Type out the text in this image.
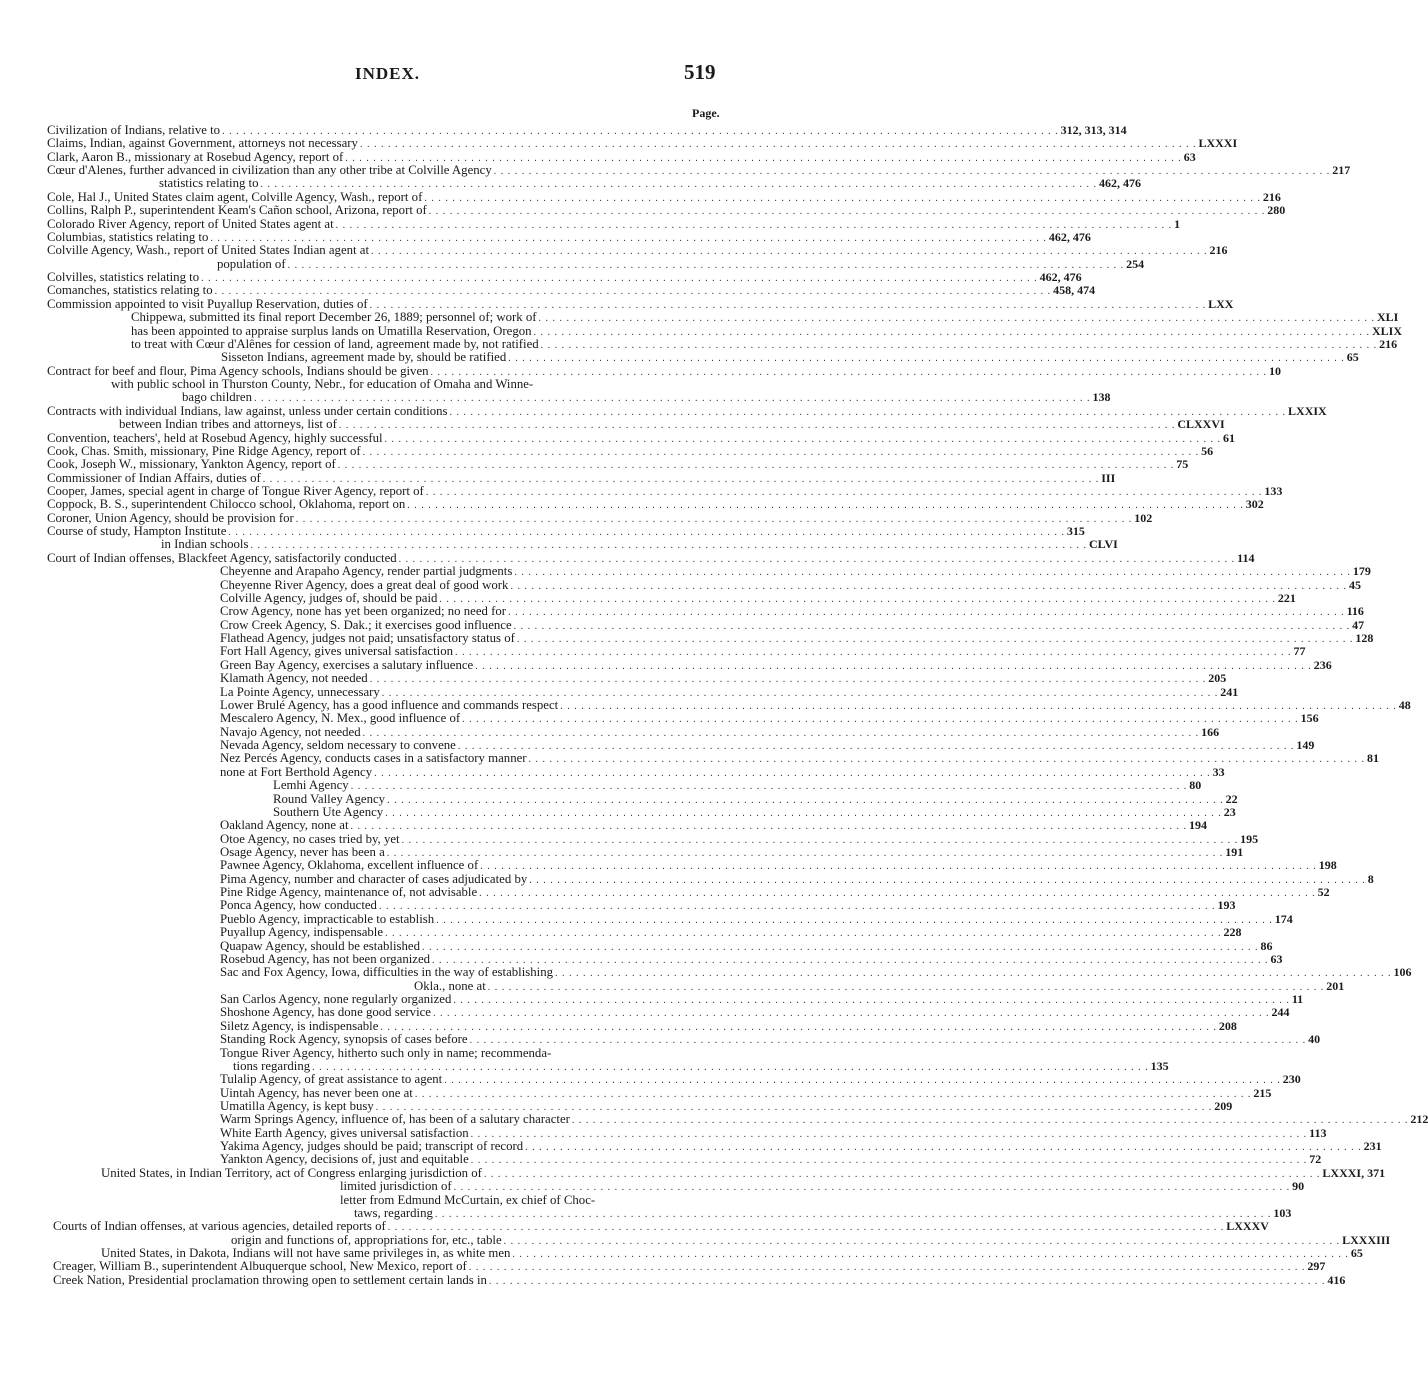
INDEX.	519
Page.
Civilization of Indians, relative to . . . . . . . . . . . . . . . . . . . . . . . . . . . . . . . . . . . . . . . . . . . . . . . . . . . . . . . . . . . . . . . . . . . . . . . . . . . . . . . . . . . . . . . . . . . . . . . . . . . . . . . . . . . . . . . . . . . . . . . . 312, 313, 314
Claims, Indian, against Government, attorneys not necessary . . . . . . . . . . . . . . . . . . . . . . . . . . . . . . . . . . . . . . . . . . . . . . . . . . . . . . . . . . . . . . . . . . . . . . . . . . . . . . . . . . . . . . . . . . . . . . . . . . . . . . . . . . . . . . . . . . . . . . . . LXXXI
Clark, Aaron B., missionary at Rosebud Agency, report of . . . . . . . . . . . . . . . . . . . . . . . . . . . . . . . . . . . . . . . . . . . . . . . . . . . . . . . . . . . . . . . . . . . . . . . . . . . . . . . . . . . . . . . . . . . . . . . . . . . . . . . . . . . . . . . . . . . . . . . . 63
Cœur d'Alenes, further advanced in civilization than any other tribe at Colville Agency . . . . . . . . . . . . . . . . . . . . . . . . . . . . . . . . . . . . . . . . . . . . . . . . . . . . . . . . . . . . . . . . . . . . . . . . . . . . . . . . . . . . . . . . . . . . . . . . . . . . . . . . . . . . . . . . . . . . . . . . 217
statistics relating to . . . . . . . . . . . . . . . . . . . . . . . . . . . . . . . . . . . . . . . . . . . . . . . . . . . . . . . . . . . . . . . . . . . . . . . . . . . . . . . . . . . . . . . . . . . . . . . . . . . . . . . . . . . . . . . . . . . . . . . . 462, 476
Cole, Hal J., United States claim agent, Colville Agency, Wash., report of . . . . . . . . . . . . . . . . . . . . . . . . . . . . . . . . . . . . . . . . . . . . . . . . . . . . . . . . . . . . . . . . . . . . . . . . . . . . . . . . . . . . . . . . . . . . . . . . . . . . . . . . . . . . . . . . . . . . . . . . 216
Collins, Ralph P., superintendent Keam's Cañon school, Arizona, report of . . . . . . . . . . . . . . . . . . . . . . . . . . . . . . . . . . . . . . . . . . . . . . . . . . . . . . . . . . . . . . . . . . . . . . . . . . . . . . . . . . . . . . . . . . . . . . . . . . . . . . . . . . . . . . . . . . . . . . . . 280
Colorado River Agency, report of United States agent at . . . . . . . . . . . . . . . . . . . . . . . . . . . . . . . . . . . . . . . . . . . . . . . . . . . . . . . . . . . . . . . . . . . . . . . . . . . . . . . . . . . . . . . . . . . . . . . . . . . . . . . . . . . . . . . . . . . . . . . . 1
Columbias, statistics relating to . . . . . . . . . . . . . . . . . . . . . . . . . . . . . . . . . . . . . . . . . . . . . . . . . . . . . . . . . . . . . . . . . . . . . . . . . . . . . . . . . . . . . . . . . . . . . . . . . . . . . . . . . . . . . . . . . . . . . . . . 462, 476
Colville Agency, Wash., report of United States Indian agent at . . . . . . . . . . . . . . . . . . . . . . . . . . . . . . . . . . . . . . . . . . . . . . . . . . . . . . . . . . . . . . . . . . . . . . . . . . . . . . . . . . . . . . . . . . . . . . . . . . . . . . . . . . . . . . . . . . . . . . . . 216
population of . . . . . . . . . . . . . . . . . . . . . . . . . . . . . . . . . . . . . . . . . . . . . . . . . . . . . . . . . . . . . . . . . . . . . . . . . . . . . . . . . . . . . . . . . . . . . . . . . . . . . . . . . . . . . . . . . . . . . . . . 254
Colvilles, statistics relating to . . . . . . . . . . . . . . . . . . . . . . . . . . . . . . . . . . . . . . . . . . . . . . . . . . . . . . . . . . . . . . . . . . . . . . . . . . . . . . . . . . . . . . . . . . . . . . . . . . . . . . . . . . . . . . . . . . . . . . . . 462, 476
Comanches, statistics relating to . . . . . . . . . . . . . . . . . . . . . . . . . . . . . . . . . . . . . . . . . . . . . . . . . . . . . . . . . . . . . . . . . . . . . . . . . . . . . . . . . . . . . . . . . . . . . . . . . . . . . . . . . . . . . . . . . . . . . . . . 458, 474
Commission appointed to visit Puyallup Reservation, duties of . . . . . . . . . . . . . . . . . . . . . . . . . . . . . . . . . . . . . . . . . . . . . . . . . . . . . . . . . . . . . . . . . . . . . . . . . . . . . . . . . . . . . . . . . . . . . . . . . . . . . . . . . . . . . . . . . . . . . . . . LXX
Chippewa, submitted its final report December 26, 1889; personnel of; work of . . . . . . . . . . . . . . . . . . . . . . . . . . . . . . . . . . . . . . . . . . . . . . . . . . . . . . . . . . . . . . . . . . . . . . . . . . . . . . . . . . . . . . . . . . . . . . . . . . . . . . . . . . . . . . . . . . . . . . . . XLI
has been appointed to appraise surplus lands on Umatilla Reservation, Oregon . . . . . . . . . . . . . . . . . . . . . . . . . . . . . . . . . . . . . . . . . . . . . . . . . . . . . . . . . . . . . . . . . . . . . . . . . . . . . . . . . . . . . . . . . . . . . . . . . . . . . . . . . . . . . . . . . . . . . . . . XLIX
to treat with Cœur d'Alênes for cession of land, agreement made by, not ratified . . . . . . . . . . . . . . . . . . . . . . . . . . . . . . . . . . . . . . . . . . . . . . . . . . . . . . . . . . . . . . . . . . . . . . . . . . . . . . . . . . . . . . . . . . . . . . . . . . . . . . . . . . . . . . . . . . . . . . . . 216
Sisseton Indians, agreement made by, should be ratified . . . . . . . . . . . . . . . . . . . . . . . . . . . . . . . . . . . . . . . . . . . . . . . . . . . . . . . . . . . . . . . . . . . . . . . . . . . . . . . . . . . . . . . . . . . . . . . . . . . . . . . . . . . . . . . . . . . . . . . . 65
Contract for beef and flour, Pima Agency schools, Indians should be given . . . . . . . . . . . . . . . . . . . . . . . . . . . . . . . . . . . . . . . . . . . . . . . . . . . . . . . . . . . . . . . . . . . . . . . . . . . . . . . . . . . . . . . . . . . . . . . . . . . . . . . . . . . . . . . . . . . . . . . . 10
with public school in Thurston County, Nebr., for education of Omaha and Winne-
bago children . . . . . . . . . . . . . . . . . . . . . . . . . . . . . . . . . . . . . . . . . . . . . . . . . . . . . . . . . . . . . . . . . . . . . . . . . . . . . . . . . . . . . . . . . . . . . . . . . . . . . . . . . . . . . . . . . . . . . . . . 138
Contracts with individual Indians, law against, unless under certain conditions . . . . . . . . . . . . . . . . . . . . . . . . . . . . . . . . . . . . . . . . . . . . . . . . . . . . . . . . . . . . . . . . . . . . . . . . . . . . . . . . . . . . . . . . . . . . . . . . . . . . . . . . . . . . . . . . . . . . . . . . LXXIX
between Indian tribes and attorneys, list of . . . . . . . . . . . . . . . . . . . . . . . . . . . . . . . . . . . . . . . . . . . . . . . . . . . . . . . . . . . . . . . . . . . . . . . . . . . . . . . . . . . . . . . . . . . . . . . . . . . . . . . . . . . . . . . . . . . . . . . . CLXXVI
Convention, teachers', held at Rosebud Agency, highly successful . . . . . . . . . . . . . . . . . . . . . . . . . . . . . . . . . . . . . . . . . . . . . . . . . . . . . . . . . . . . . . . . . . . . . . . . . . . . . . . . . . . . . . . . . . . . . . . . . . . . . . . . . . . . . . . . . . . . . . . . 61
Cook, Chas. Smith, missionary, Pine Ridge Agency, report of . . . . . . . . . . . . . . . . . . . . . . . . . . . . . . . . . . . . . . . . . . . . . . . . . . . . . . . . . . . . . . . . . . . . . . . . . . . . . . . . . . . . . . . . . . . . . . . . . . . . . . . . . . . . . . . . . . . . . . . . 56
Cook, Joseph W., missionary, Yankton Agency, report of . . . . . . . . . . . . . . . . . . . . . . . . . . . . . . . . . . . . . . . . . . . . . . . . . . . . . . . . . . . . . . . . . . . . . . . . . . . . . . . . . . . . . . . . . . . . . . . . . . . . . . . . . . . . . . . . . . . . . . . . 75
Commissioner of Indian Affairs, duties of . . . . . . . . . . . . . . . . . . . . . . . . . . . . . . . . . . . . . . . . . . . . . . . . . . . . . . . . . . . . . . . . . . . . . . . . . . . . . . . . . . . . . . . . . . . . . . . . . . . . . . . . . . . . . . . . . . . . . . . . III
Cooper, James, special agent in charge of Tongue River Agency, report of . . . . . . . . . . . . . . . . . . . . . . . . . . . . . . . . . . . . . . . . . . . . . . . . . . . . . . . . . . . . . . . . . . . . . . . . . . . . . . . . . . . . . . . . . . . . . . . . . . . . . . . . . . . . . . . . . . . . . . . . 133
Coppock, B. S., superintendent Chilocco school, Oklahoma, report on . . . . . . . . . . . . . . . . . . . . . . . . . . . . . . . . . . . . . . . . . . . . . . . . . . . . . . . . . . . . . . . . . . . . . . . . . . . . . . . . . . . . . . . . . . . . . . . . . . . . . . . . . . . . . . . . . . . . . . . . 302
Coroner, Union Agency, should be provision for . . . . . . . . . . . . . . . . . . . . . . . . . . . . . . . . . . . . . . . . . . . . . . . . . . . . . . . . . . . . . . . . . . . . . . . . . . . . . . . . . . . . . . . . . . . . . . . . . . . . . . . . . . . . . . . . . . . . . . . . 102
Course of study, Hampton Institute . . . . . . . . . . . . . . . . . . . . . . . . . . . . . . . . . . . . . . . . . . . . . . . . . . . . . . . . . . . . . . . . . . . . . . . . . . . . . . . . . . . . . . . . . . . . . . . . . . . . . . . . . . . . . . . . . . . . . . . . 315
in Indian schools . . . . . . . . . . . . . . . . . . . . . . . . . . . . . . . . . . . . . . . . . . . . . . . . . . . . . . . . . . . . . . . . . . . . . . . . . . . . . . . . . . . . . . . . . . . . . . . . . . . . . . . . . . . . . . . . . . . . . . . . CLVI
Court of Indian offenses, Blackfeet Agency, satisfactorily conducted . . . . . . . . . . . . . . . . . . . . . . . . . . . . . . . . . . . . . . . . . . . . . . . . . . . . . . . . . . . . . . . . . . . . . . . . . . . . . . . . . . . . . . . . . . . . . . . . . . . . . . . . . . . . . . . . . . . . . . . . 114
Cheyenne and Arapaho Agency, render partial judgments . . . . . . . . . . . . . . . . . . . . . . . . . . . . . . . . . . . . . . . . . . . . . . . . . . . . . . . . . . . . . . . . . . . . . . . . . . . . . . . . . . . . . . . . . . . . . . . . . . . . . . . . . . . . . . . . . . . . . . . . 179
Cheyenne River Agency, does a great deal of good work . . . . . . . . . . . . . . . . . . . . . . . . . . . . . . . . . . . . . . . . . . . . . . . . . . . . . . . . . . . . . . . . . . . . . . . . . . . . . . . . . . . . . . . . . . . . . . . . . . . . . . . . . . . . . . . . . . . . . . . . 45
Colville Agency, judges of, should be paid . . . . . . . . . . . . . . . . . . . . . . . . . . . . . . . . . . . . . . . . . . . . . . . . . . . . . . . . . . . . . . . . . . . . . . . . . . . . . . . . . . . . . . . . . . . . . . . . . . . . . . . . . . . . . . . . . . . . . . . . 221
Crow Agency, none has yet been organized; no need for . . . . . . . . . . . . . . . . . . . . . . . . . . . . . . . . . . . . . . . . . . . . . . . . . . . . . . . . . . . . . . . . . . . . . . . . . . . . . . . . . . . . . . . . . . . . . . . . . . . . . . . . . . . . . . . . . . . . . . . . 116
Crow Creek Agency, S. Dak.; it exercises good influence . . . . . . . . . . . . . . . . . . . . . . . . . . . . . . . . . . . . . . . . . . . . . . . . . . . . . . . . . . . . . . . . . . . . . . . . . . . . . . . . . . . . . . . . . . . . . . . . . . . . . . . . . . . . . . . . . . . . . . . . 47
Flathead Agency, judges not paid; unsatisfactory status of . . . . . . . . . . . . . . . . . . . . . . . . . . . . . . . . . . . . . . . . . . . . . . . . . . . . . . . . . . . . . . . . . . . . . . . . . . . . . . . . . . . . . . . . . . . . . . . . . . . . . . . . . . . . . . . . . . . . . . . . 128
Fort Hall Agency, gives universal satisfaction . . . . . . . . . . . . . . . . . . . . . . . . . . . . . . . . . . . . . . . . . . . . . . . . . . . . . . . . . . . . . . . . . . . . . . . . . . . . . . . . . . . . . . . . . . . . . . . . . . . . . . . . . . . . . . . . . . . . . . . . 77
Green Bay Agency, exercises a salutary influence . . . . . . . . . . . . . . . . . . . . . . . . . . . . . . . . . . . . . . . . . . . . . . . . . . . . . . . . . . . . . . . . . . . . . . . . . . . . . . . . . . . . . . . . . . . . . . . . . . . . . . . . . . . . . . . . . . . . . . . . 236
Klamath Agency, not needed . . . . . . . . . . . . . . . . . . . . . . . . . . . . . . . . . . . . . . . . . . . . . . . . . . . . . . . . . . . . . . . . . . . . . . . . . . . . . . . . . . . . . . . . . . . . . . . . . . . . . . . . . . . . . . . . . . . . . . . . 205
La Pointe Agency, unnecessary . . . . . . . . . . . . . . . . . . . . . . . . . . . . . . . . . . . . . . . . . . . . . . . . . . . . . . . . . . . . . . . . . . . . . . . . . . . . . . . . . . . . . . . . . . . . . . . . . . . . . . . . . . . . . . . . . . . . . . . . 241
Lower Brulé Agency, has a good influence and commands respect . . . . . . . . . . . . . . . . . . . . . . . . . . . . . . . . . . . . . . . . . . . . . . . . . . . . . . . . . . . . . . . . . . . . . . . . . . . . . . . . . . . . . . . . . . . . . . . . . . . . . . . . . . . . . . . . . . . . . . . . 48
Mescalero Agency, N. Mex., good influence of . . . . . . . . . . . . . . . . . . . . . . . . . . . . . . . . . . . . . . . . . . . . . . . . . . . . . . . . . . . . . . . . . . . . . . . . . . . . . . . . . . . . . . . . . . . . . . . . . . . . . . . . . . . . . . . . . . . . . . . . 156
Navajo Agency, not needed . . . . . . . . . . . . . . . . . . . . . . . . . . . . . . . . . . . . . . . . . . . . . . . . . . . . . . . . . . . . . . . . . . . . . . . . . . . . . . . . . . . . . . . . . . . . . . . . . . . . . . . . . . . . . . . . . . . . . . . . 166
Nevada Agency, seldom necessary to convene . . . . . . . . . . . . . . . . . . . . . . . . . . . . . . . . . . . . . . . . . . . . . . . . . . . . . . . . . . . . . . . . . . . . . . . . . . . . . . . . . . . . . . . . . . . . . . . . . . . . . . . . . . . . . . . . . . . . . . . . 149
Nez Percés Agency, conducts cases in a satisfactory manner . . . . . . . . . . . . . . . . . . . . . . . . . . . . . . . . . . . . . . . . . . . . . . . . . . . . . . . . . . . . . . . . . . . . . . . . . . . . . . . . . . . . . . . . . . . . . . . . . . . . . . . . . . . . . . . . . . . . . . . . 81
none at Fort Berthold Agency . . . . . . . . . . . . . . . . . . . . . . . . . . . . . . . . . . . . . . . . . . . . . . . . . . . . . . . . . . . . . . . . . . . . . . . . . . . . . . . . . . . . . . . . . . . . . . . . . . . . . . . . . . . . . . . . . . . . . . . . 33
Lemhi Agency . . . . . . . . . . . . . . . . . . . . . . . . . . . . . . . . . . . . . . . . . . . . . . . . . . . . . . . . . . . . . . . . . . . . . . . . . . . . . . . . . . . . . . . . . . . . . . . . . . . . . . . . . . . . . . . . . . . . . . . . 80
Round Valley Agency . . . . . . . . . . . . . . . . . . . . . . . . . . . . . . . . . . . . . . . . . . . . . . . . . . . . . . . . . . . . . . . . . . . . . . . . . . . . . . . . . . . . . . . . . . . . . . . . . . . . . . . . . . . . . . . . . . . . . . . . 22
Southern Ute Agency . . . . . . . . . . . . . . . . . . . . . . . . . . . . . . . . . . . . . . . . . . . . . . . . . . . . . . . . . . . . . . . . . . . . . . . . . . . . . . . . . . . . . . . . . . . . . . . . . . . . . . . . . . . . . . . . . . . . . . . . 23
Oakland Agency, none at . . . . . . . . . . . . . . . . . . . . . . . . . . . . . . . . . . . . . . . . . . . . . . . . . . . . . . . . . . . . . . . . . . . . . . . . . . . . . . . . . . . . . . . . . . . . . . . . . . . . . . . . . . . . . . . . . . . . . . . . 194
Otoe Agency, no cases tried by, yet . . . . . . . . . . . . . . . . . . . . . . . . . . . . . . . . . . . . . . . . . . . . . . . . . . . . . . . . . . . . . . . . . . . . . . . . . . . . . . . . . . . . . . . . . . . . . . . . . . . . . . . . . . . . . . . . . . . . . . . . 195
Osage Agency, never has been a . . . . . . . . . . . . . . . . . . . . . . . . . . . . . . . . . . . . . . . . . . . . . . . . . . . . . . . . . . . . . . . . . . . . . . . . . . . . . . . . . . . . . . . . . . . . . . . . . . . . . . . . . . . . . . . . . . . . . . . . 191
Pawnee Agency, Oklahoma, excellent influence of . . . . . . . . . . . . . . . . . . . . . . . . . . . . . . . . . . . . . . . . . . . . . . . . . . . . . . . . . . . . . . . . . . . . . . . . . . . . . . . . . . . . . . . . . . . . . . . . . . . . . . . . . . . . . . . . . . . . . . . . 198
Pima Agency, number and character of cases adjudicated by . . . . . . . . . . . . . . . . . . . . . . . . . . . . . . . . . . . . . . . . . . . . . . . . . . . . . . . . . . . . . . . . . . . . . . . . . . . . . . . . . . . . . . . . . . . . . . . . . . . . . . . . . . . . . . . . . . . . . . . . 8
Pine Ridge Agency, maintenance of, not advisable . . . . . . . . . . . . . . . . . . . . . . . . . . . . . . . . . . . . . . . . . . . . . . . . . . . . . . . . . . . . . . . . . . . . . . . . . . . . . . . . . . . . . . . . . . . . . . . . . . . . . . . . . . . . . . . . . . . . . . . . 52
Ponca Agency, how conducted . . . . . . . . . . . . . . . . . . . . . . . . . . . . . . . . . . . . . . . . . . . . . . . . . . . . . . . . . . . . . . . . . . . . . . . . . . . . . . . . . . . . . . . . . . . . . . . . . . . . . . . . . . . . . . . . . . . . . . . . 193
Pueblo Agency, impracticable to establish . . . . . . . . . . . . . . . . . . . . . . . . . . . . . . . . . . . . . . . . . . . . . . . . . . . . . . . . . . . . . . . . . . . . . . . . . . . . . . . . . . . . . . . . . . . . . . . . . . . . . . . . . . . . . . . . . . . . . . . . 174
Puyallup Agency, indispensable . . . . . . . . . . . . . . . . . . . . . . . . . . . . . . . . . . . . . . . . . . . . . . . . . . . . . . . . . . . . . . . . . . . . . . . . . . . . . . . . . . . . . . . . . . . . . . . . . . . . . . . . . . . . . . . . . . . . . . . . 228
Quapaw Agency, should be established . . . . . . . . . . . . . . . . . . . . . . . . . . . . . . . . . . . . . . . . . . . . . . . . . . . . . . . . . . . . . . . . . . . . . . . . . . . . . . . . . . . . . . . . . . . . . . . . . . . . . . . . . . . . . . . . . . . . . . . . 86
Rosebud Agency, has not been organized . . . . . . . . . . . . . . . . . . . . . . . . . . . . . . . . . . . . . . . . . . . . . . . . . . . . . . . . . . . . . . . . . . . . . . . . . . . . . . . . . . . . . . . . . . . . . . . . . . . . . . . . . . . . . . . . . . . . . . . . 63
Sac and Fox Agency, Iowa, difficulties in the way of establishing . . . . . . . . . . . . . . . . . . . . . . . . . . . . . . . . . . . . . . . . . . . . . . . . . . . . . . . . . . . . . . . . . . . . . . . . . . . . . . . . . . . . . . . . . . . . . . . . . . . . . . . . . . . . . . . . . . . . . . . . 106
Okla., none at . . . . . . . . . . . . . . . . . . . . . . . . . . . . . . . . . . . . . . . . . . . . . . . . . . . . . . . . . . . . . . . . . . . . . . . . . . . . . . . . . . . . . . . . . . . . . . . . . . . . . . . . . . . . . . . . . . . . . . . . 201
San Carlos Agency, none regularly organized . . . . . . . . . . . . . . . . . . . . . . . . . . . . . . . . . . . . . . . . . . . . . . . . . . . . . . . . . . . . . . . . . . . . . . . . . . . . . . . . . . . . . . . . . . . . . . . . . . . . . . . . . . . . . . . . . . . . . . . . 11
Shoshone Agency, has done good service . . . . . . . . . . . . . . . . . . . . . . . . . . . . . . . . . . . . . . . . . . . . . . . . . . . . . . . . . . . . . . . . . . . . . . . . . . . . . . . . . . . . . . . . . . . . . . . . . . . . . . . . . . . . . . . . . . . . . . . . 244
Siletz Agency, is indispensable . . . . . . . . . . . . . . . . . . . . . . . . . . . . . . . . . . . . . . . . . . . . . . . . . . . . . . . . . . . . . . . . . . . . . . . . . . . . . . . . . . . . . . . . . . . . . . . . . . . . . . . . . . . . . . . . . . . . . . . . 208
Standing Rock Agency, synopsis of cases before . . . . . . . . . . . . . . . . . . . . . . . . . . . . . . . . . . . . . . . . . . . . . . . . . . . . . . . . . . . . . . . . . . . . . . . . . . . . . . . . . . . . . . . . . . . . . . . . . . . . . . . . . . . . . . . . . . . . . . . . 40
Tongue River Agency, hitherto such only in name; recommenda-
tions regarding . . . . . . . . . . . . . . . . . . . . . . . . . . . . . . . . . . . . . . . . . . . . . . . . . . . . . . . . . . . . . . . . . . . . . . . . . . . . . . . . . . . . . . . . . . . . . . . . . . . . . . . . . . . . . . . . . . . . . . . . 135
Tulalip Agency, of great assistance to agent . . . . . . . . . . . . . . . . . . . . . . . . . . . . . . . . . . . . . . . . . . . . . . . . . . . . . . . . . . . . . . . . . . . . . . . . . . . . . . . . . . . . . . . . . . . . . . . . . . . . . . . . . . . . . . . . . . . . . . . . 230
Uintah Agency, has never been one at . . . . . . . . . . . . . . . . . . . . . . . . . . . . . . . . . . . . . . . . . . . . . . . . . . . . . . . . . . . . . . . . . . . . . . . . . . . . . . . . . . . . . . . . . . . . . . . . . . . . . . . . . . . . . . . . . . . . . . . . 215
Umatilla Agency, is kept busy . . . . . . . . . . . . . . . . . . . . . . . . . . . . . . . . . . . . . . . . . . . . . . . . . . . . . . . . . . . . . . . . . . . . . . . . . . . . . . . . . . . . . . . . . . . . . . . . . . . . . . . . . . . . . . . . . . . . . . . . 209
Warm Springs Agency, influence of, has been of a salutary character . . . . . . . . . . . . . . . . . . . . . . . . . . . . . . . . . . . . . . . . . . . . . . . . . . . . . . . . . . . . . . . . . . . . . . . . . . . . . . . . . . . . . . . . . . . . . . . . . . . . . . . . . . . . . . . . . . . . . . . . 212
White Earth Agency, gives universal satisfaction . . . . . . . . . . . . . . . . . . . . . . . . . . . . . . . . . . . . . . . . . . . . . . . . . . . . . . . . . . . . . . . . . . . . . . . . . . . . . . . . . . . . . . . . . . . . . . . . . . . . . . . . . . . . . . . . . . . . . . . . 113
Yakima Agency, judges should be paid; transcript of record . . . . . . . . . . . . . . . . . . . . . . . . . . . . . . . . . . . . . . . . . . . . . . . . . . . . . . . . . . . . . . . . . . . . . . . . . . . . . . . . . . . . . . . . . . . . . . . . . . . . . . . . . . . . . . . . . . . . . . . . 231
Yankton Agency, decisions of, just and equitable . . . . . . . . . . . . . . . . . . . . . . . . . . . . . . . . . . . . . . . . . . . . . . . . . . . . . . . . . . . . . . . . . . . . . . . . . . . . . . . . . . . . . . . . . . . . . . . . . . . . . . . . . . . . . . . . . . . . . . . . 72
United States, in Indian Territory, act of Congress enlarging jurisdiction of . . . . . . . . . . . . . . . . . . . . . . . . . . . . . . . . . . . . . . . . . . . . . . . . . . . . . . . . . . . . . . . . . . . . . . . . . . . . . . . . . . . . . . . . . . . . . . . . . . . . . . . . . . . . . . . . . . . . . . . . LXXXI, 371
limited jurisdiction of . . . . . . . . . . . . . . . . . . . . . . . . . . . . . . . . . . . . . . . . . . . . . . . . . . . . . . . . . . . . . . . . . . . . . . . . . . . . . . . . . . . . . . . . . . . . . . . . . . . . . . . . . . . . . . . . . . . . . . . . 90
letter from Edmund McCurtain, ex chief of Choc-
taws, regarding . . . . . . . . . . . . . . . . . . . . . . . . . . . . . . . . . . . . . . . . . . . . . . . . . . . . . . . . . . . . . . . . . . . . . . . . . . . . . . . . . . . . . . . . . . . . . . . . . . . . . . . . . . . . . . . . . . . . . . . . 103
Courts of Indian offenses, at various agencies, detailed reports of . . . . . . . . . . . . . . . . . . . . . . . . . . . . . . . . . . . . . . . . . . . . . . . . . . . . . . . . . . . . . . . . . . . . . . . . . . . . . . . . . . . . . . . . . . . . . . . . . . . . . . . . . . . . . . . . . . . . . . . . LXXXV
origin and functions of, appropriations for, etc., table . . . . . . . . . . . . . . . . . . . . . . . . . . . . . . . . . . . . . . . . . . . . . . . . . . . . . . . . . . . . . . . . . . . . . . . . . . . . . . . . . . . . . . . . . . . . . . . . . . . . . . . . . . . . . . . . . . . . . . . . LXXXIII
United States, in Dakota, Indians will not have same privileges in, as white men . . . . . . . . . . . . . . . . . . . . . . . . . . . . . . . . . . . . . . . . . . . . . . . . . . . . . . . . . . . . . . . . . . . . . . . . . . . . . . . . . . . . . . . . . . . . . . . . . . . . . . . . . . . . . . . . . . . . . . . . 65
Creager, William B., superintendent Albuquerque school, New Mexico, report of . . . . . . . . . . . . . . . . . . . . . . . . . . . . . . . . . . . . . . . . . . . . . . . . . . . . . . . . . . . . . . . . . . . . . . . . . . . . . . . . . . . . . . . . . . . . . . . . . . . . . . . . . . . . . . . . . . . . . . . . 297
Creek Nation, Presidential proclamation throwing open to settlement certain lands in . . . . . . . . . . . . . . . . . . . . . . . . . . . . . . . . . . . . . . . . . . . . . . . . . . . . . . . . . . . . . . . . . . . . . . . . . . . . . . . . . . . . . . . . . . . . . . . . . . . . . . . . . . . . . . . . . . . . . . . . 416
